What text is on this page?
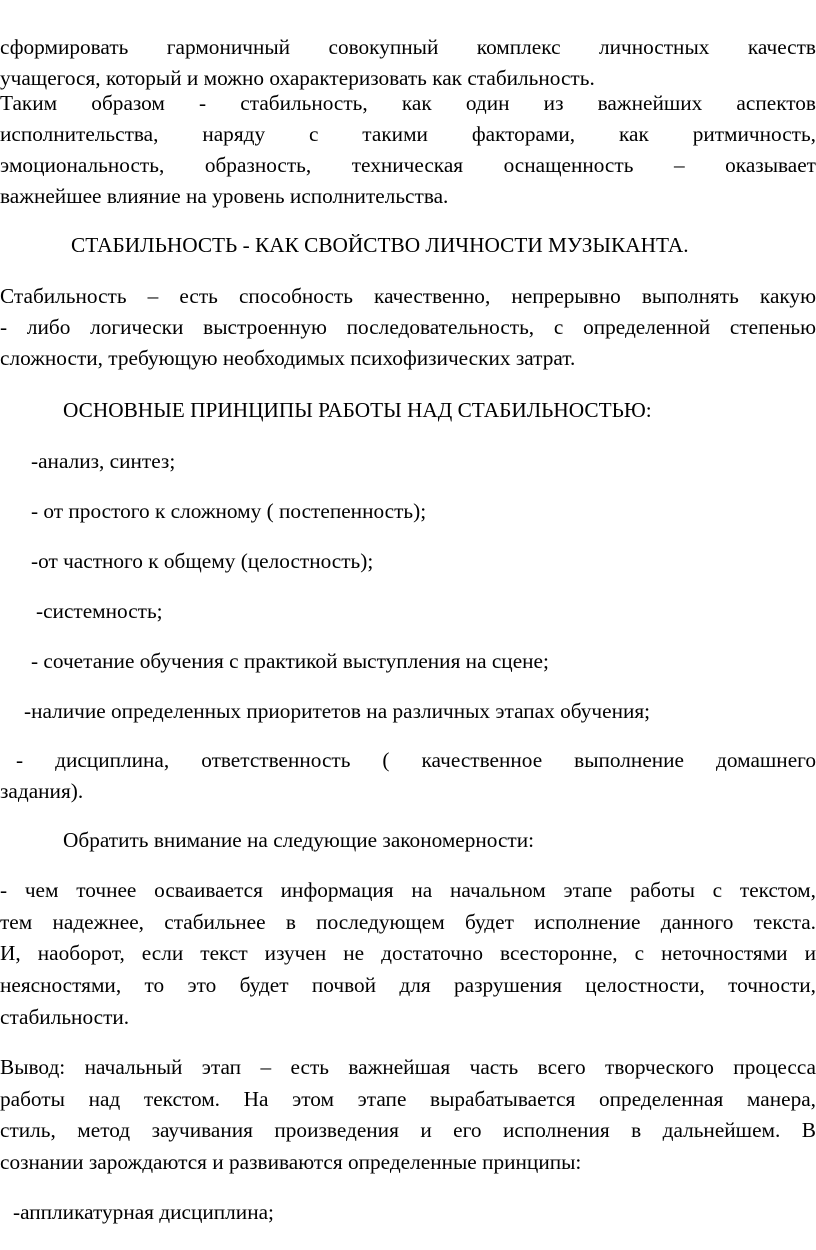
сформировать гармоничный совокупный комплекс личностных качеств
учащегося, который и можно охарактеризовать как стабильность.
Таким образом - стабильность, как один из важнейших аспектов
исполнительства, наряду с такими факторами, как ритмичность,
эмоциональность, образность, техническая оснащенность – оказывает
важнейшее влияние на уровень исполнительства.
СТАБИЛЬНОСТЬ - КАК СВОЙСТВО ЛИЧНОСТИ МУЗЫКАНТА.
Стабильность – есть способность качественно, непрерывно выполнять какую
- либо логически выстроенную последовательность, с определенной степенью
сложности, требующую необходимых психофизических затрат.
ОСНОВНЫЕ ПРИНЦИПЫ РАБОТЫ НАД СТАБИЛЬНОСТЬЮ:
-анализ, синтез;
- от простого к сложному ( постепенность);
-от частного к общему (целостность);
-системность;
- сочетание обучения с практикой выступления на сцене;
-наличие определенных приоритетов на различных этапах обучения;
- дисциплина, ответственность ( качественное выполнение домашнего
задания).
Обратить внимание на следующие закономерности:
- чем точнее осваивается информация на начальном этапе работы с текстом,
тем надежнее, стабильнее в последующем будет исполнение данного текста.
И, наоборот, если текст изучен не достаточно всесторонне, с неточностями и
неясностями, то это будет почвой для разрушения целостности, точности,
стабильности.
Вывод: начальный этап – есть важнейшая часть всего творческого процесса
работы над текстом. На этом этапе вырабатывается определенная манера,
стиль, метод заучивания произведения и его исполнения в дальнейшем. В
сознании зарождаются и развиваются определенные принципы:
-аппликатурная дисциплина;
